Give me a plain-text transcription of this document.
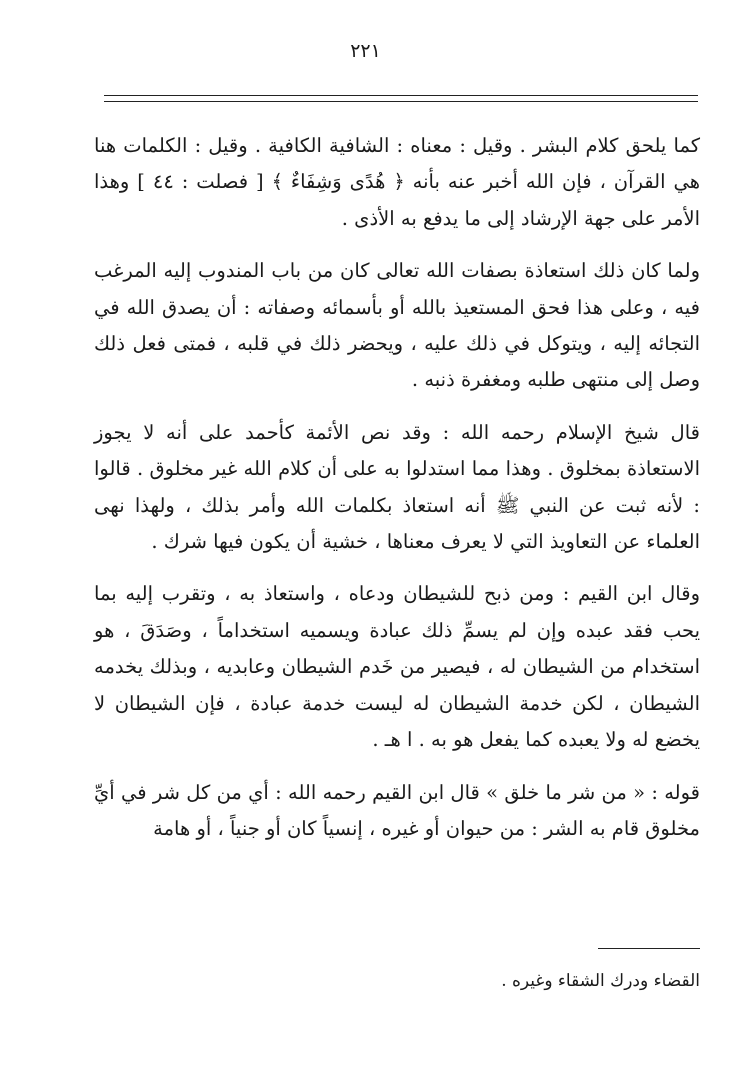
٢٢١

كما يلحق كلام البشر . وقيل : معناه : الشافية الكافية . وقيل : الكلمات هنا هي القرآن ، فإن الله أخبر عنه بأنه ﴿ هُدًى وَشِفَاءٌ ﴾ [ فصلت : ٤٤ ] وهذا الأمر على جهة الإرشاد إلى ما يدفع به الأذى .

ولما كان ذلك استعاذة بصفات الله تعالى كان من باب المندوب إليه المرغب فيه ، وعلى هذا فحق المستعيذ بالله أو بأسمائه وصفاته : أن يصدق الله في التجائه إليه ، ويتوكل في ذلك عليه ، ويحضر ذلك في قلبه ، فمتى فعل ذلك وصل إلى منتهى طلبه ومغفرة ذنبه .

قال شيخ الإسلام رحمه الله : وقد نص الأئمة كأحمد على أنه لا يجوز الاستعاذة بمخلوق . وهذا مما استدلوا به على أن كلام الله غير مخلوق . قالوا : لأنه ثبت عن النبي ﷺ أنه استعاذ بكلمات الله وأمر بذلك ، ولهذا نهى العلماء عن التعاويذ التي لا يعرف معناها ، خشية أن يكون فيها شرك .

وقال ابن القيم : ومن ذبح للشيطان ودعاه ، واستعاذ به ، وتقرب إليه بما يحب فقد عبده وإن لم يسمِّ ذلك عبادة ويسميه استخداماً ، وصَدَقَ ، هو استخدام من الشيطان له ، فيصير من خَدم الشيطان وعابديه ، وبذلك يخدمه الشيطان ، لكن خدمة الشيطان له ليست خدمة عبادة ، فإن الشيطان لا يخضع له ولا يعبده كما يفعل هو به . ا هـ .

قوله : « من شر ما خلق » قال ابن القيم رحمه الله : أي من كل شر في أيِّ مخلوق قام به الشر : من حيوان أو غيره ، إنسياً كان أو جنياً ، أو هامة

القضاء ودرك الشقاء وغيره .
